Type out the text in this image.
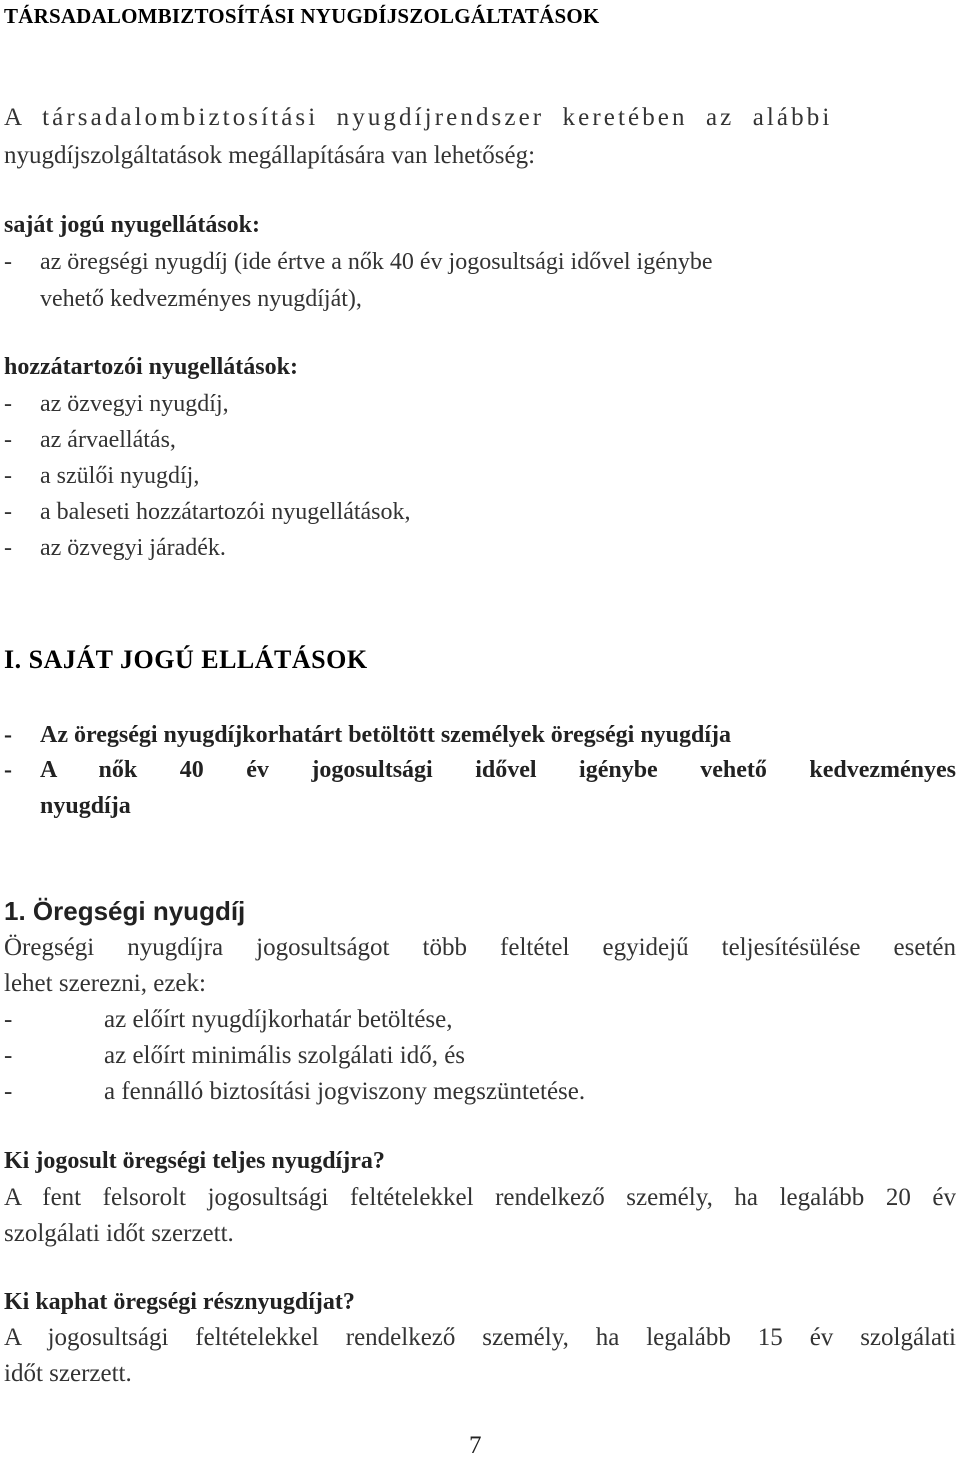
TÁRSADALOMBIZTOSÍTÁSI NYUGDÍJSZOLGÁLTATÁSOK
A társadalombiztosítási nyugdíjrendszer keretében az alábbi
nyugdíjszolgáltatások megállapítására van lehetőség:
saját jogú nyugellátások:
- az öregségi nyugdíj (ide értve a nők 40 év jogosultsági idővel igénybe
vehető kedvezményes nyugdíját),
hozzátartozói nyugellátások:
- az özvegyi nyugdíj,
- az árvaellátás,
- a szülői nyugdíj,
- a baleseti hozzátartozói nyugellátások,
- az özvegyi járadék.
I. SAJÁT JOGÚ ELLÁTÁSOK
- Az öregségi nyugdíjkorhatárt betöltött személyek öregségi nyugdíja
- A nők 40 év jogosultsági idővel igénybe vehető kedvezményes
nyugdíja
1. Öregségi nyugdíj
Öregségi nyugdíjra jogosultságot több feltétel egyidejű teljesítésülése esetén
lehet szerezni, ezek:
-	az előírt nyugdíjkorhatár betöltése,
-	az előírt minimális szolgálati idő, és
-	a fennálló biztosítási jogviszony megszüntetése.
Ki jogosult öregségi teljes nyugdíjra?
A fent felsorolt jogosultsági feltételekkel rendelkező személy, ha legalább 20 év
szolgálati időt szerzett.
Ki kaphat öregségi résznyugdíjat?
A jogosultsági feltételekkel rendelkező személy, ha legalább 15 év szolgálati
időt szerzett.
7
